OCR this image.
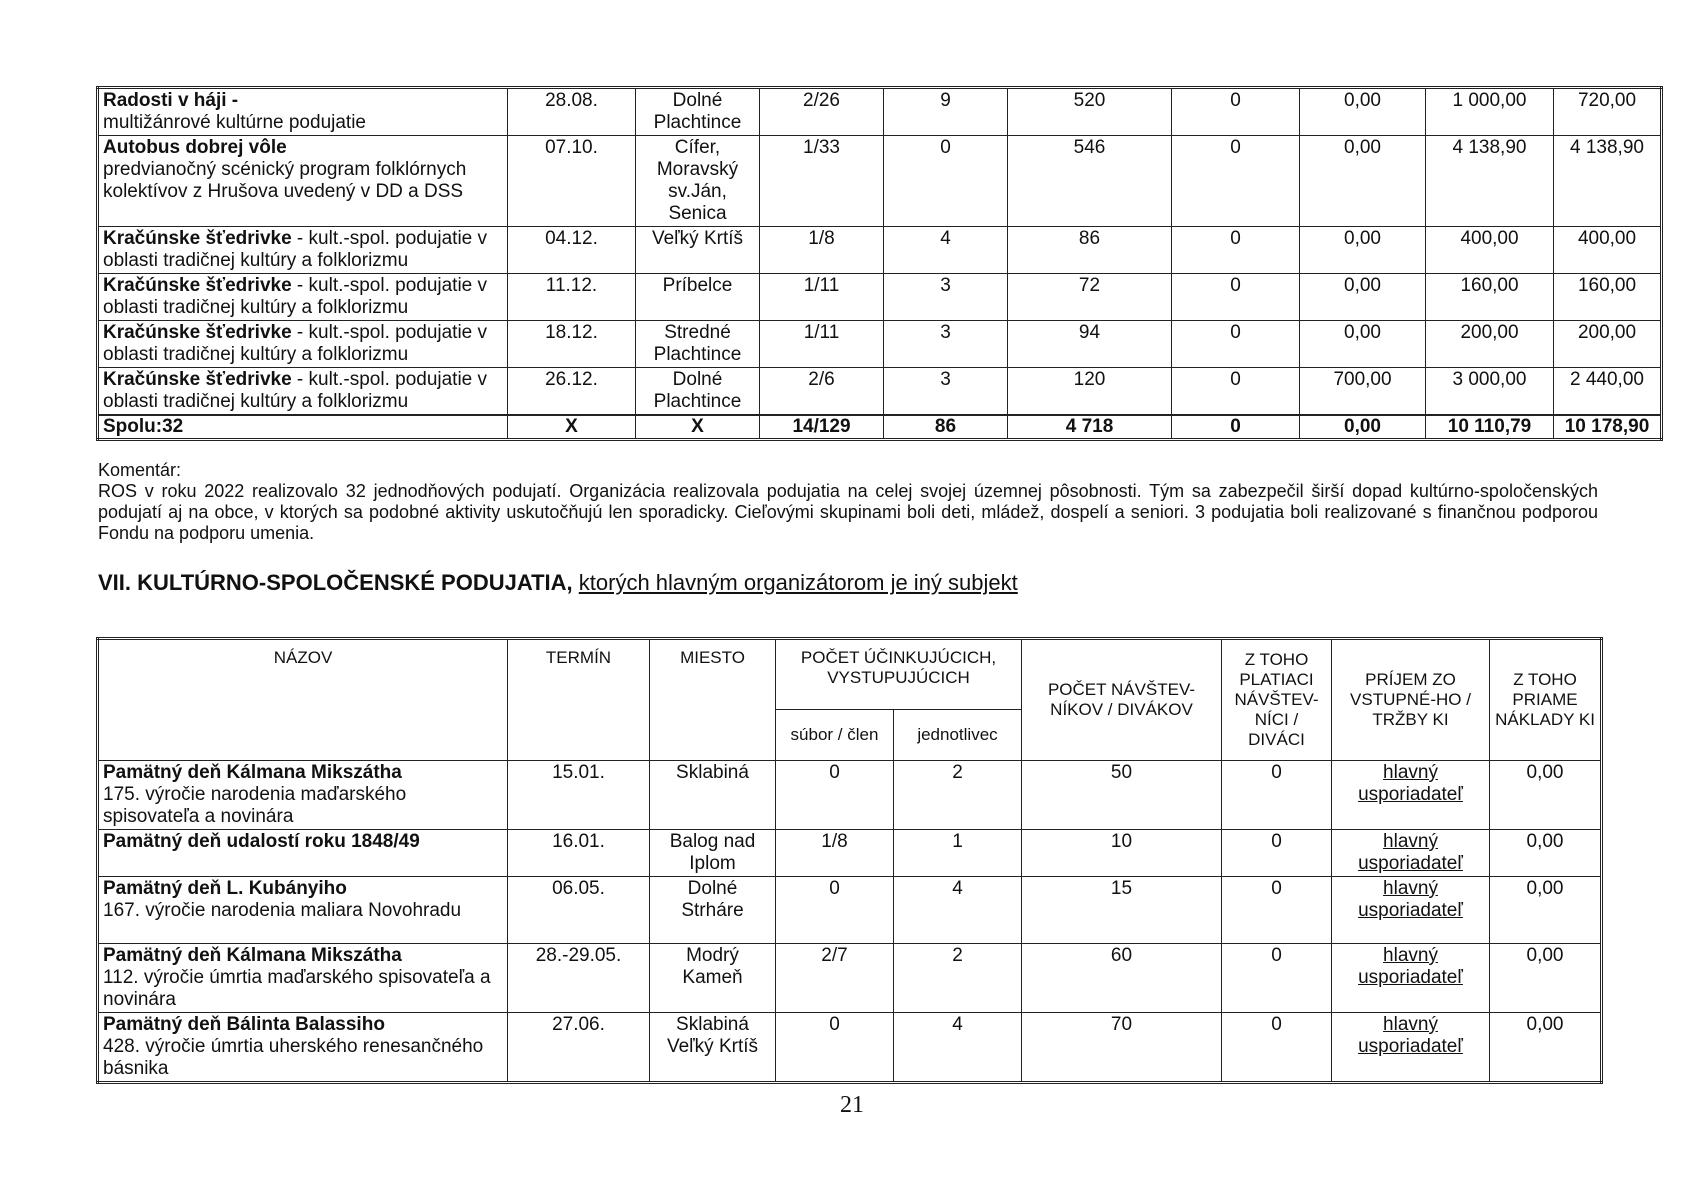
Radosti v háji -
multižánrové kultúrne podujatie	28.08.	Dolné Plachtince	2/26	9	520	0	0,00	1 000,00	720,00
Autobus dobrej vôle
predvianočný scénický program folklórnych kolektívov z Hrušova uvedený v DD a DSS	07.10.	Cífer, Moravský sv.Ján, Senica	1/33	0	546	0	0,00	4 138,90	4 138,90
Kračúnske šťedrivke - kult.-spol. podujatie v oblasti tradičnej kultúry a folklorizmu	04.12.	Veľký Krtíš	1/8	4	86	0	0,00	400,00	400,00
Kračúnske šťedrivke - kult.-spol. podujatie v oblasti tradičnej kultúry a folklorizmu	11.12.	Príbelce	1/11	3	72	0	0,00	160,00	160,00
Kračúnske šťedrivke - kult.-spol. podujatie v oblasti tradičnej kultúry a folklorizmu	18.12.	Stredné Plachtince	1/11	3	94	0	0,00	200,00	200,00
Kračúnske šťedrivke - kult.-spol. podujatie v oblasti tradičnej kultúry a folklorizmu	26.12.	Dolné Plachtince	2/6	3	120	0	700,00	3 000,00	2 440,00
Spolu:32	X	X	14/129	86	4 718	0	0,00	10 110,79	10 178,90

Komentár:

ROS v roku 2022 realizovalo 32 jednodňových podujatí. Organizácia realizovala podujatia na celej svojej územnej pôsobnosti. Tým sa zabezpečil širší dopad kultúrno-spoločenských podujatí aj na obce, v ktorých sa podobné aktivity uskutočňujú len sporadicky. Cieľovými skupinami boli deti, mládež, dospelí a seniori. 3 podujatia boli realizované s finančnou podporou Fondu na podporu umenia.

VII. KULTÚRNO-SPOLOČENSKÉ PODUJATIA, ktorých hlavným organizátorom je iný subjekt
NÁZOV	TERMÍN	MIESTO	POČET ÚČINKUJÚCICH, VYSTUPUJÚCICH		POČET NÁVŠTEV-NÍKOV / DIVÁKOV	Z TOHO PLATIACI NÁVŠTEV-NÍCI / DIVÁCI	PRÍJEM ZO VSTUPNÉ-HO / TRŽBY KI	Z TOHO PRIAME NÁKLADY KI
			súbor / člen	jednotlivec				

Pamätný deň Kálmana Mikszátha
175. výročie narodenia maďarského spisovateľa a novinára	15.01.	Sklabiná	0	2	50	0	hlavný usporiadateľ	0,00

Pamätný deň udalostí roku 1848/49	16.01.	Balog nad Iplom	1/8	1	10	0	hlavný usporiadateľ	0,00

Pamätný deň L. Kubányiho
167. výročie narodenia maliara Novohradu	06.05.	Dolné Strháre	0	4	15	0	hlavný usporiadateľ	0,00

Pamätný deň Kálmana Mikszátha
112. výročie úmrtia maďarského spisovateľa a novinára	28.-29.05.	Modrý Kameň	2/7	2	60	0	hlavný usporiadateľ	0,00

Pamätný deň Bálinta Balassiho
428. výročie úmrtia uherského renesančného básnika	27.06.	Sklabiná Veľký Krtíš	0	4	70	0	hlavný usporiadateľ	0,00
21
